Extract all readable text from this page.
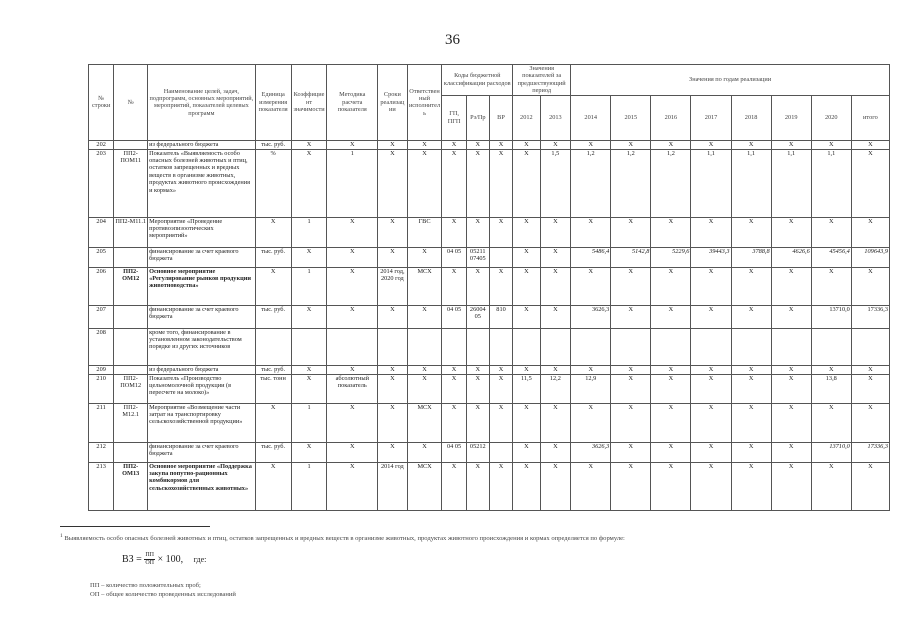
36
№ строки	№	Наименование целей, задач, подпрограмм, основных мероприятий, мероприятий, показателей целевых программ	Единица измерения показателя	Коэффициент значимости	Методика расчета показателя	Сроки реализации	Ответственный исполнитель	Коды бюджетной классификации расходов			Значения показателей за предшествующий период		Значения по годам реализации							
								ГП, ПГП	Рз/Пр	ВР	2012	2013	2014	2015	2016	2017	2018	2019	2020	итого
202		из федерального бюджета	тыс. руб.	X	X	X	X	X	X	X	X	X	X	X	X	X	X	X	X	X
203	ПП2-ПОМ11	Показатель «Выявляемость особо опасных болезней животных и птиц, остатков запрещенных и вредных веществ в организме животных, продуктах животного происхождения и кормах»	%	X	1	X	X	X	X	X	X	1,5	1,2	1,2	1,2	1,1	1,1	1,1	1,1	X
204	ПП2-М11.1	Мероприятие «Проведение противоэпизоотических мероприятий»	X	1	X	X	ГВС	X	X	X	X	X	X	X	X	X	X	X	X	X
205		финансирование за счет краевого бюджета	тыс. руб.	X	X	X	X	04 05	05211 07405		X	X	5486,4	5142,8	5229,6	39443,3	3788,8	4626,6	45456,4	109643,9
206	ПП2-ОМ12	Основное мероприятие «Регулирование рынков продукции животноводства»	X	1	X	2014 год, 2020 год	МСХ	X	X	X	X	X	X	X	X	X	X	X	X	X
207		финансирование за счет краевого бюджета	тыс. руб.	X	X	X	X	04 05	26004 05	810	X	X	3626,3	X	X	X	X	X	13710,0	17336,3
208		кроме того, финансирование в установленном законодательством порядке из других источников																		
209		из федерального бюджета	тыс. руб.	X	X	X	X	X	X	X	X	X	X	X	X	X	X	X	X	X
210	ПП2-ПОМ12	Показатель «Производство цельномолочной продукции (в пересчете на молоко)»	тыс. тонн	X	абсолютный показатель	X	X	X	X	X	11,5	12,2	12,9	X	X	X	X	X	13,8	X
211	ПП2-М12.1	Мероприятие «Возмещение части затрат на транспортировку сельскохозяйственной продукции»	X	1	X	X	МСХ	X	X	X	X	X	X	X	X	X	X	X	X	X
212		финансирование за счет краевого бюджета	тыс. руб.	X	X	X	X	04 05	05212		X	X	3626,3	X	X	X	X	X	13710,0	17336,3
213	ПП2-ОМ13	Основное мероприятие «Поддержка закупа попутно-рационных комбикормов для сельскохозяйственных животных»	X	1	X	2014 год	МСХ	X	X	X	X	X	X	X	X	X	X	X	X	X
$^1$ Выявляемость особо опасных болезней животных и птиц, остатков запрещенных и вредных веществ в организме животных, продуктах животного происхождения и кормах определяется по формуле:
ВЗ = $\frac{ПП}{ОП} \times 100$, где:
ПП – количество положительных проб;
ОП – общее количество проведенных исследований
